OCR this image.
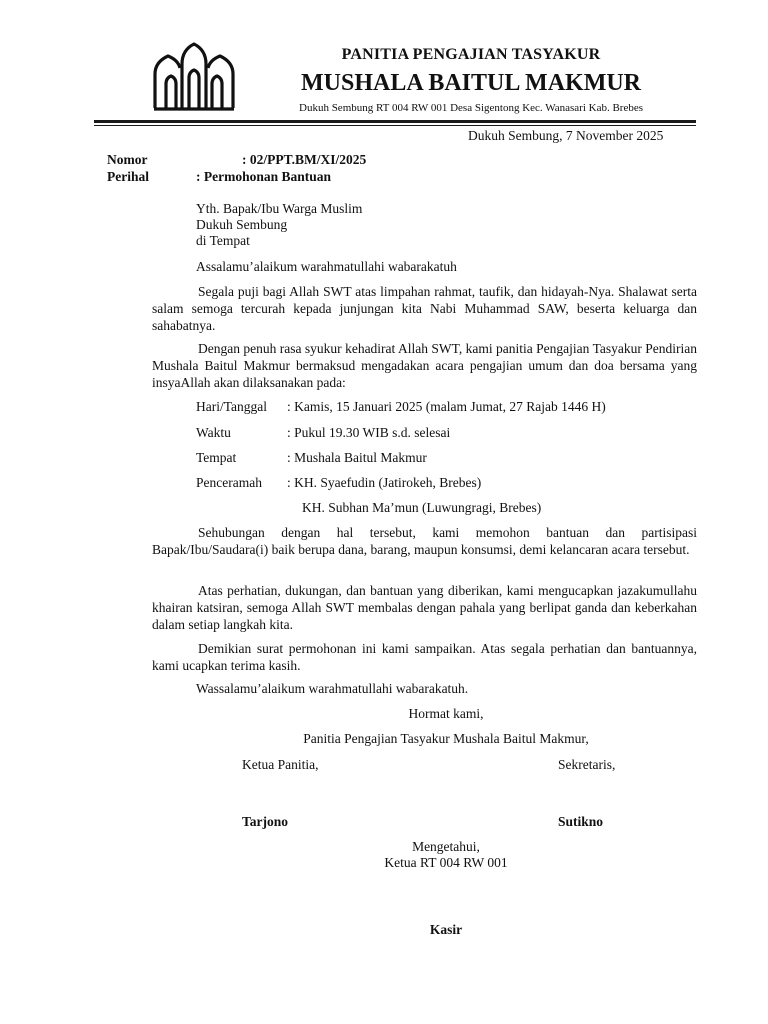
PANITIA PENGAJIAN TASYAKUR
MUSHALA BAITUL MAKMUR
Dukuh Sembung RT 004 RW 001 Desa Sigentong Kec. Wanasari Kab. Brebes
Dukuh Sembung, 7 November 2025
Nomor	: 02/PPT.BM/XI/2025
Perihal	: Permohonan Bantuan
Yth. Bapak/Ibu Warga Muslim
Dukuh Sembung
di Tempat
Assalamu’alaikum warahmatullahi wabarakatuh
Segala puji bagi Allah SWT atas limpahan rahmat, taufik, dan hidayah-Nya. Shalawat serta salam semoga tercurah kepada junjungan kita Nabi Muhammad SAW, beserta keluarga dan sahabatnya.
Dengan penuh rasa syukur kehadirat Allah SWT, kami panitia Pengajian Tasyakur Pendirian Mushala Baitul Makmur bermaksud mengadakan acara pengajian umum dan doa bersama yang insyaAllah akan dilaksanakan pada:
Hari/Tanggal : Kamis, 15 Januari 2025 (malam Jumat, 27 Rajab 1446 H)
Waktu	: Pukul 19.30 WIB s.d. selesai
Tempat	: Mushala Baitul Makmur
Penceramah : KH. Syaefudin (Jatirokeh, Brebes)
KH. Subhan Ma’mun (Luwungragi, Brebes)
Sehubungan dengan hal tersebut, kami memohon bantuan dan partisipasi Bapak/Ibu/Saudara(i) baik berupa dana, barang, maupun konsumsi, demi kelancaran acara tersebut.
Atas perhatian, dukungan, dan bantuan yang diberikan, kami mengucapkan jazakumullahu khairan katsiran, semoga Allah SWT membalas dengan pahala yang berlipat ganda dan keberkahan dalam setiap langkah kita.
Demikian surat permohonan ini kami sampaikan. Atas segala perhatian dan bantuannya, kami ucapkan terima kasih.
Wassalamu’alaikum warahmatullahi wabarakatuh.
Hormat kami,
Panitia Pengajian Tasyakur Mushala Baitul Makmur,
Ketua Panitia,	Sekretaris,
Tarjono	Sutikno
Mengetahui,
Ketua RT 004 RW 001
Kasir
